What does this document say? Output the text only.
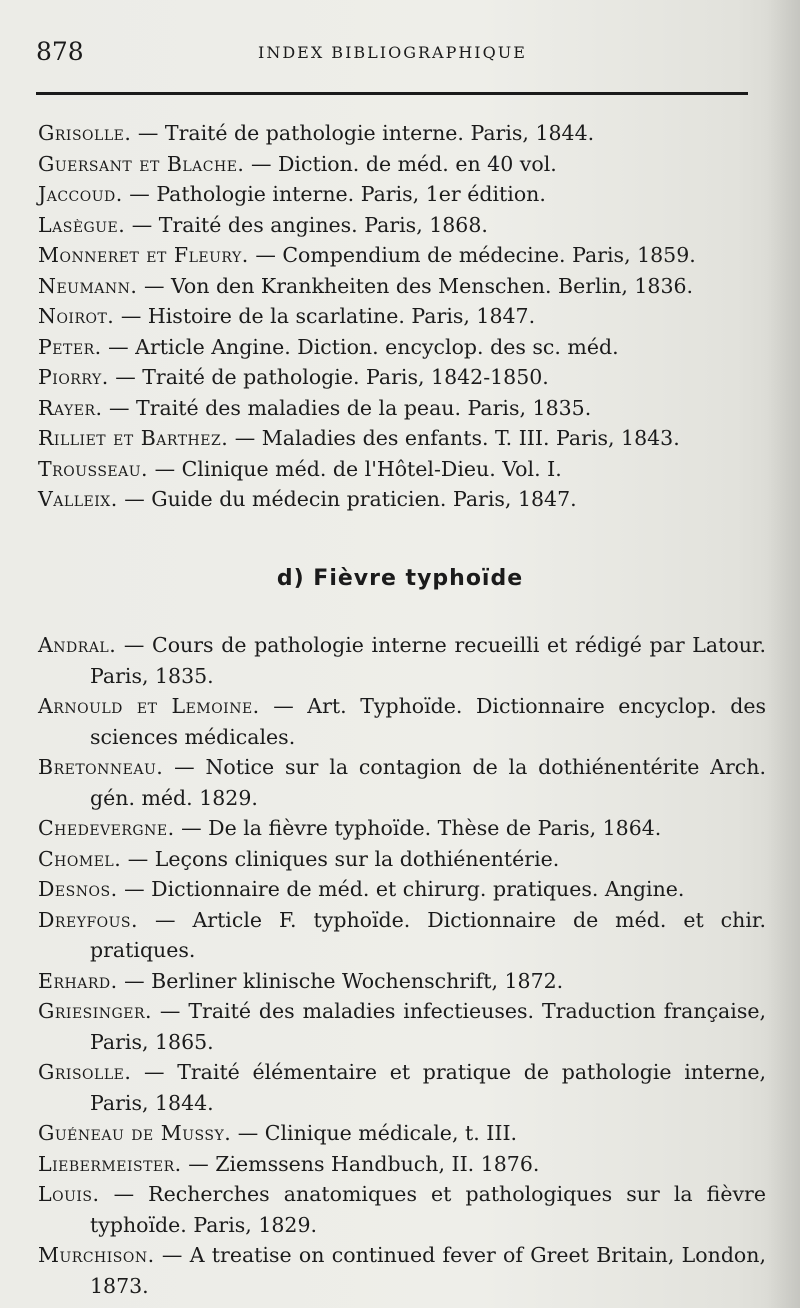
878	INDEX BIBLIOGRAPHIQUE
Grisolle. — Traité de pathologie interne. Paris, 1844.
Guersant et Blache. — Diction. de méd. en 40 vol.
Jaccoud. — Pathologie interne. Paris, 1er édition.
Lasègue. — Traité des angines. Paris, 1868.
Monneret et Fleury. — Compendium de médecine. Paris, 1859.
Neumann. — Von den Krankheiten des Menschen. Berlin, 1836.
Noirot. — Histoire de la scarlatine. Paris, 1847.
Peter. — Article Angine. Diction. encyclop. des sc. méd.
Piorry. — Traité de pathologie. Paris, 1842-1850.
Rayer. — Traité des maladies de la peau. Paris, 1835.
Rilliet et Barthez. — Maladies des enfants. T. III. Paris, 1843.
Trousseau. — Clinique méd. de l'Hôtel-Dieu. Vol. I.
Valleix. — Guide du médecin praticien. Paris, 1847.
d) Fièvre typhoïde
Andral. — Cours de pathologie interne recueilli et rédigé par Latour. Paris, 1835.
Arnould et Lemoine. — Art. Typhoïde. Dictionnaire encyclop. des sciences médicales.
Bretonneau. — Notice sur la contagion de la dothiénentérite Arch. gén. méd. 1829.
Chedevergne. — De la fièvre typhoïde. Thèse de Paris, 1864.
Chomel. — Leçons cliniques sur la dothiénentérie.
Desnos. — Dictionnaire de méd. et chirurg. pratiques. Angine.
Dreyfous. — Article F. typhoïde. Dictionnaire de méd. et chir. pratiques.
Erhard. — Berliner klinische Wochenschrift, 1872.
Griesinger. — Traité des maladies infectieuses. Traduction française, Paris, 1865.
Grisolle. — Traité élémentaire et pratique de pathologie interne, Paris, 1844.
Guéneau de Mussy. — Clinique médicale, t. III.
Liebermeister. — Ziemssens Handbuch, II. 1876.
Louis. — Recherches anatomiques et pathologiques sur la fièvre typhoïde. Paris, 1829.
Murchison. — A treatise on continued fever of Greet Britain, London, 1873.
